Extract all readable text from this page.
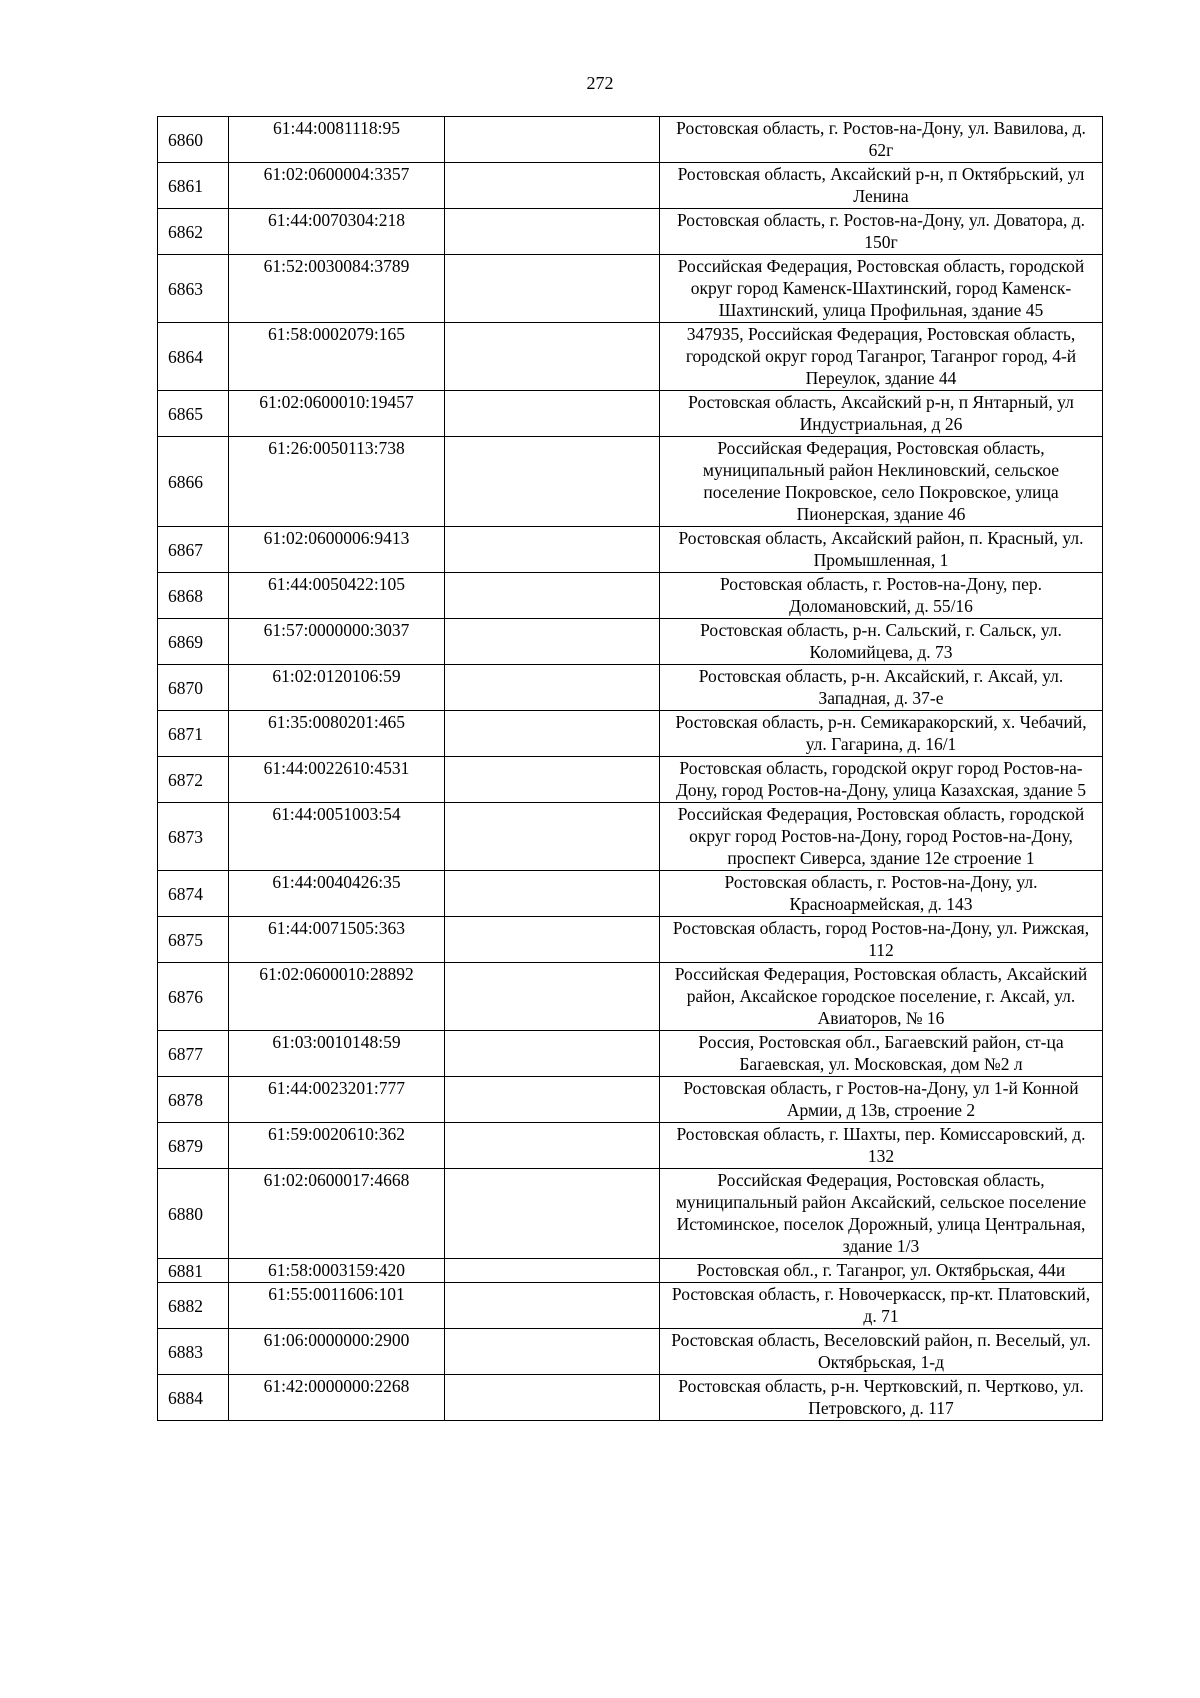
272
6860	61:44:0081118:95		Ростовская область, г. Ростов-на-Дону, ул. Вавилова, д. 62г
6861	61:02:0600004:3357		Ростовская область, Аксайский р-н, п Октябрьский, ул Ленина
6862	61:44:0070304:218		Ростовская область, г. Ростов-на-Дону, ул. Доватора, д. 150г
6863	61:52:0030084:3789		Российская Федерация, Ростовская область, городской округ город Каменск-Шахтинский, город Каменск-Шахтинский, улица Профильная, здание 45
6864	61:58:0002079:165		347935, Российская Федерация, Ростовская область, городской округ город Таганрог, Таганрог город, 4-й Переулок, здание 44
6865	61:02:0600010:19457		Ростовская область, Аксайский р-н, п Янтарный, ул Индустриальная, д 26
6866	61:26:0050113:738		Российская Федерация, Ростовская область, муниципальный район Неклиновский, сельское поселение Покровское, село Покровское, улица Пионерская, здание 46
6867	61:02:0600006:9413		Ростовская область, Аксайский район, п. Красный, ул. Промышленная, 1
6868	61:44:0050422:105		Ростовская область, г. Ростов-на-Дону, пер. Доломановский, д. 55/16
6869	61:57:0000000:3037		Ростовская область, р-н. Сальский, г. Сальск, ул. Коломийцева, д. 73
6870	61:02:0120106:59		Ростовская область, р-н. Аксайский, г. Аксай, ул. Западная, д. 37-е
6871	61:35:0080201:465		Ростовская область, р-н. Семикаракорский, х. Чебачий, ул. Гагарина, д. 16/1
6872	61:44:0022610:4531		Ростовская область, городской округ город Ростов-на-Дону, город Ростов-на-Дону, улица Казахская, здание 5
6873	61:44:0051003:54		Российская Федерация, Ростовская область, городской округ город Ростов-на-Дону, город Ростов-на-Дону, проспект Сиверса, здание 12е строение 1
6874	61:44:0040426:35		Ростовская область, г. Ростов-на-Дону, ул. Красноармейская, д. 143
6875	61:44:0071505:363		Ростовская область, город Ростов-на-Дону, ул. Рижская, 112
6876	61:02:0600010:28892		Российская Федерация, Ростовская область, Аксайский район, Аксайское городское поселение, г. Аксай, ул. Авиаторов, № 16
6877	61:03:0010148:59		Россия, Ростовская обл., Багаевский район, ст-ца Багаевская, ул. Московская, дом №2 л
6878	61:44:0023201:777		Ростовская область, г Ростов-на-Дону, ул 1-й Конной Армии, д 13в, строение 2
6879	61:59:0020610:362		Ростовская область, г. Шахты, пер. Комиссаровский, д. 132
6880	61:02:0600017:4668		Российская Федерация, Ростовская область, муниципальный район Аксайский, сельское поселение Истоминское, поселок Дорожный, улица Центральная, здание 1/3
6881	61:58:0003159:420		Ростовская обл., г. Таганрог, ул. Октябрьская, 44и
6882	61:55:0011606:101		Ростовская область, г. Новочеркасск, пр-кт. Платовский, д. 71
6883	61:06:0000000:2900		Ростовская область, Веселовский район, п. Веселый, ул. Октябрьская, 1-д
6884	61:42:0000000:2268		Ростовская область, р-н. Чертковский, п. Чертково, ул. Петровского, д. 117
